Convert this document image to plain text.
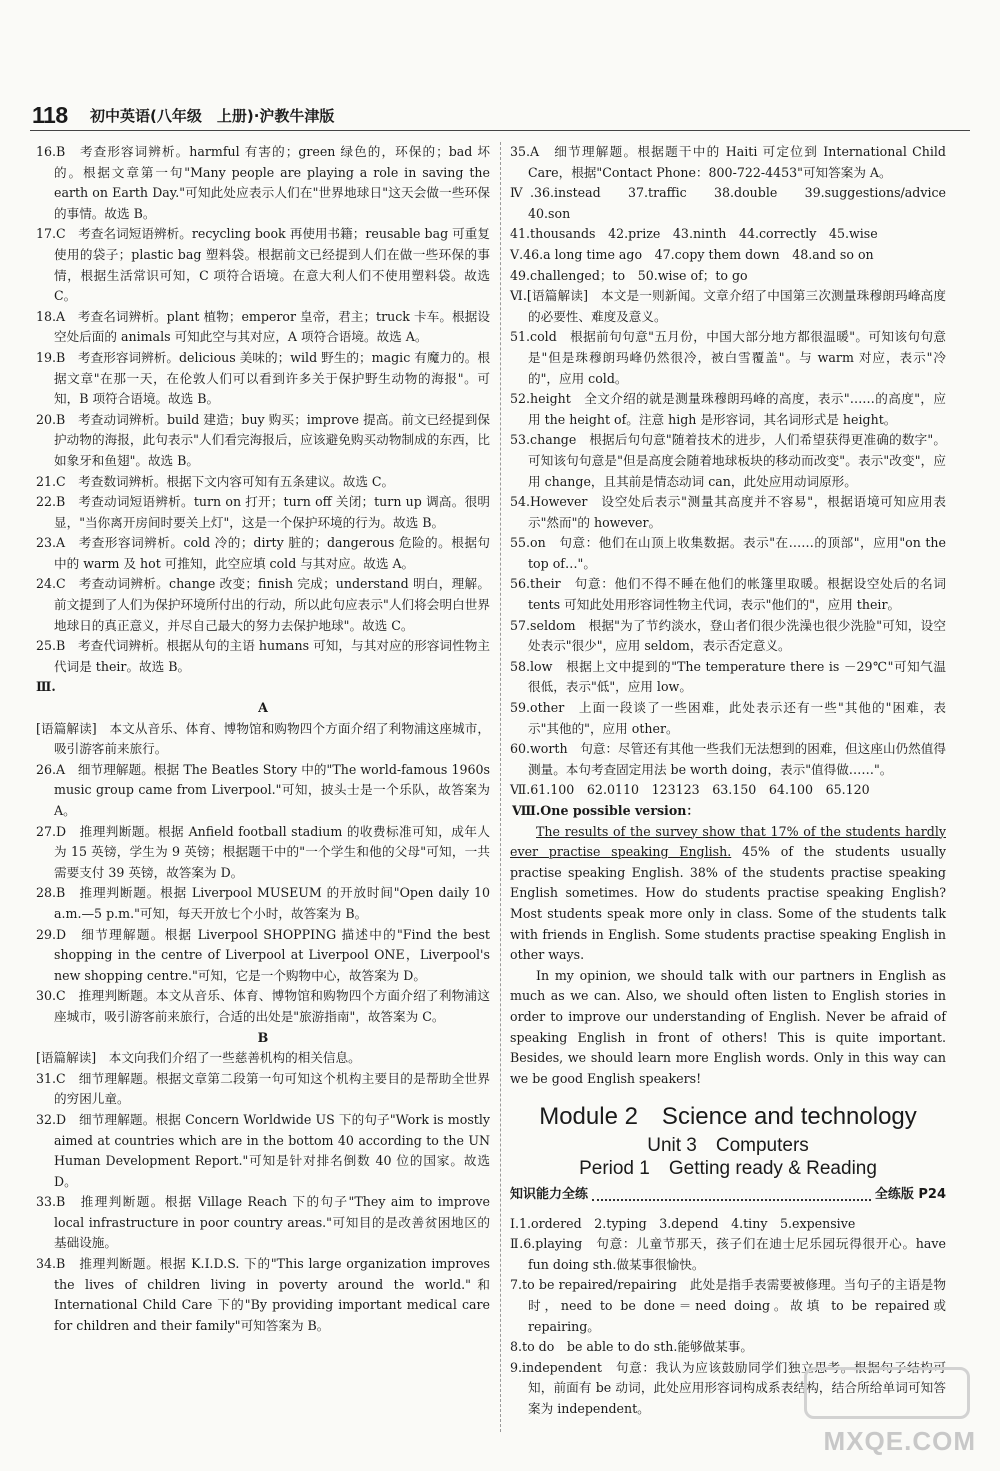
118 初中英语(八年级　上册)·沪教牛津版

16.B　考查形容词辨析。harmful 有害的；green 绿色的，环保的；bad 坏的。根据文章第一句"Many people are playing a role in saving the earth on Earth Day."可知此处应表示人们在"世界地球日"这天会做一些环保的事情。故选 B。

17.C　考查名词短语辨析。recycling book 再使用书籍；reusable bag 可重复使用的袋子；plastic bag 塑料袋。根据前文已经提到人们在做一些环保的事情，根据生活常识可知，C 项符合语境。在意大利人们不使用塑料袋。故选 C。

18.A　考查名词辨析。plant 植物；emperor 皇帝，君主；truck 卡车。根据设空处后面的 animals 可知此空与其对应，A 项符合语境。故选 A。

19.B　考查形容词辨析。delicious 美味的；wild 野生的；magic 有魔力的。根据文章"在那一天，在伦敦人们可以看到许多关于保护野生动物的海报"。可知，B 项符合语境。故选 B。

20.B　考查动词辨析。build 建造；buy 购买；improve 提高。前文已经提到保护动物的海报，此句表示"人们看完海报后，应该避免购买动物制成的东西，比如象牙和鱼翅"。故选 B。

21.C　考查数词辨析。根据下文内容可知有五条建议。故选 C。

22.B　考查动词短语辨析。turn on 打开；turn off 关闭；turn up 调高。很明显，"当你离开房间时要关上灯"，这是一个保护环境的行为。故选 B。

23.A　考查形容词辨析。cold 冷的；dirty 脏的；dangerous 危险的。根据句中的 warm 及 hot 可推知，此空应填 cold 与其对应。故选 A。

24.C　考查动词辨析。change 改变；finish 完成；understand 明白，理解。前文提到了人们为保护环境所付出的行动，所以此句应表示"人们将会明白世界地球日的真正意义，并尽自己最大的努力去保护地球"。故选 C。

25.B　考查代词辨析。根据从句的主语 humans 可知，与其对应的形容词性物主代词是 their。故选 B。

Ⅲ.

A

[语篇解读]　本文从音乐、体育、博物馆和购物四个方面介绍了利物浦这座城市，吸引游客前来旅行。

26.A　细节理解题。根据 The Beatles Story 中的"The world-famous 1960s music group came from Liverpool."可知，披头士是一个乐队，故答案为 A。

27.D　推理判断题。根据 Anfield football stadium 的收费标准可知，成年人为 15 英镑，学生为 9 英镑；根据题干中的"一个学生和他的父母"可知，一共需要支付 39 英镑，故答案为 D。

28.B　推理判断题。根据 Liverpool MUSEUM 的开放时间"Open daily 10 a.m.—5 p.m."可知，每天开放七个小时，故答案为 B。

29.D　细节理解题。根据 Liverpool SHOPPING 描述中的"Find the best shopping in the centre of Liverpool at Liverpool ONE，Liverpool's new shopping centre."可知，它是一个购物中心，故答案为 D。

30.C　推理判断题。本文从音乐、体育、博物馆和购物四个方面介绍了利物浦这座城市，吸引游客前来旅行，合适的出处是"旅游指南"，故答案为 C。

B

[语篇解读]　本文向我们介绍了一些慈善机构的相关信息。

31.C　细节理解题。根据文章第二段第一句可知这个机构主要目的是帮助全世界的穷困儿童。

32.D　细节理解题。根据 Concern Worldwide US 下的句子"Work is mostly aimed at countries which are in the bottom 40 according to the UN Human Development Report."可知是针对排名倒数 40 位的国家。故选 D。

33.B　推理判断题。根据 Village Reach 下的句子"They aim to improve local infrastructure in poor country areas."可知目的是改善贫困地区的基础设施。

34.B　推理判断题。根据 K.I.D.S. 下的"This large organization improves the lives of children living in poverty around the world."和 International Child Care 下的"By providing important medical care for children and their family"可知答案为 B。

35.A　细节理解题。根据题干中的 Haiti 可定位到 International Child Care，根据"Contact Phone：800-722-4453"可知答案为 A。

Ⅳ.36.instead　37.traffic　38.double　39.suggestions/advice　40.son

41.thousands　42.prize　43.ninth　44.correctly　45.wise

Ⅴ.46.a long time ago　47.copy them down　48.and so on

49.challenged；to　50.wise of；to go

Ⅵ.[语篇解读]　本文是一则新闻。文章介绍了中国第三次测量珠穆朗玛峰高度的必要性、难度及意义。

51.cold　根据前句句意"五月份，中国大部分地方都很温暖"。可知该句句意是"但是珠穆朗玛峰仍然很冷，被白雪覆盖"。与 warm 对应，表示"冷的"，应用 cold。

52.height　全文介绍的就是测量珠穆朗玛峰的高度，表示"……的高度"，应用 the height of。注意 high 是形容词，其名词形式是 height。

53.change　根据后句句意"随着技术的进步，人们希望获得更准确的数字"。可知该句句意是"但是高度会随着地球板块的移动而改变"。表示"改变"，应用 change，且其前是情态动词 can，此处应用动词原形。

54.However　设空处后表示"测量其高度并不容易"，根据语境可知应用表示"然而"的 however。

55.on　句意：他们在山顶上收集数据。表示"在……的顶部"，应用"on the top of…"。

56.their　句意：他们不得不睡在他们的帐篷里取暖。根据设空处后的名词 tents 可知此处用形容词性物主代词，表示"他们的"，应用 their。

57.seldom　根据"为了节约淡水，登山者们很少洗澡也很少洗脸"可知，设空处表示"很少"，应用 seldom，表示否定意义。

58.low　根据上文中提到的"The temperature there is －29℃"可知气温很低，表示"低"，应用 low。

59.other　上面一段谈了一些困难，此处表示还有一些"其他的"困难，表示"其他的"，应用 other。

60.worth　句意：尽管还有其他一些我们无法想到的困难，但这座山仍然值得测量。本句考查固定用法 be worth doing，表示"值得做……"。

Ⅶ.61.100　62.0110　123123　63.150　64.100　65.120

Ⅷ.One possible version：

The results of the survey show that 17% of the students hardly ever practise speaking English. 45% of the students usually practise speaking English. 38% of the students practise speaking English sometimes. How do students practise speaking English? Most students speak more only in class. Some of the students talk with friends in English. Some students practise speaking English in other ways.

In my opinion, we should talk with our partners in English as much as we can. Also, we should often listen to English stories in order to improve our understanding of English. Never be afraid of speaking English in front of others! This is quite important. Besides, we should learn more English words. Only in this way can we be good English speakers!

Module 2　Science and technology

Unit 3　Computers

Period 1　Getting ready & Reading

知识能力全练	全练版 P24

Ⅰ.1.ordered　2.typing　3.depend　4.tiny　5.expensive

Ⅱ.6.playing　句意：儿童节那天，孩子们在迪士尼乐园玩得很开心。have fun doing sth.做某事很愉快。

7.to be repaired/repairing　此处是指手表需要被修理。当句子的主语是物时，need to be done＝need doing。故填 to be repaired或 repairing。

8.to do　be able to do sth.能够做某事。

9.independent　句意：我认为应该鼓励同学们独立思考。根据句子结构可知，前面有 be 动词，此处应用形容词构成系表结构，结合所给单词可知答案为 independent。

MXQE.COM
